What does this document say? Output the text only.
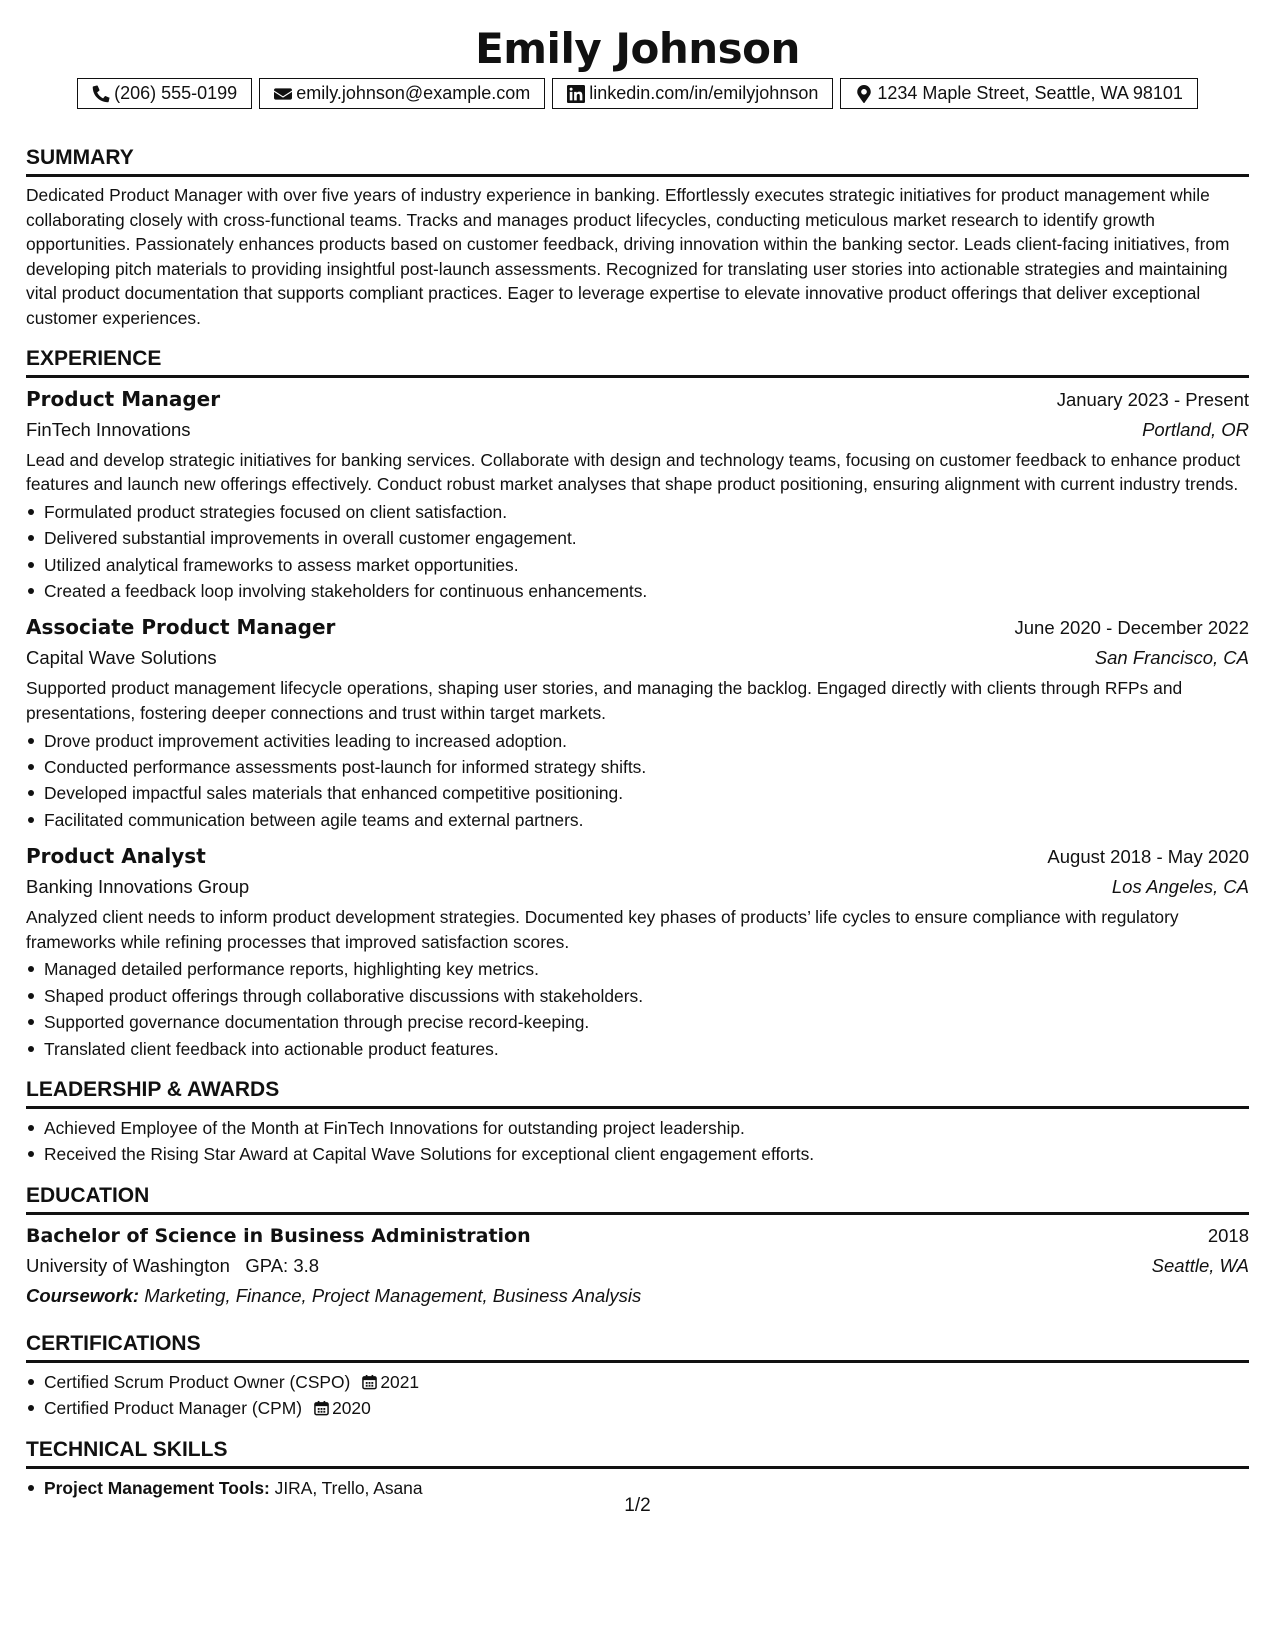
Emily Johnson
(206) 555-0199	emily.johnson@example.com	linkedin.com/in/emilyjohnson	1234 Maple Street, Seattle, WA 98101
SUMMARY
Dedicated Product Manager with over five years of industry experience in banking. Effortlessly executes strategic initiatives for product management while collaborating closely with cross-functional teams. Tracks and manages product lifecycles, conducting meticulous market research to identify growth opportunities. Passionately enhances products based on customer feedback, driving innovation within the banking sector. Leads client-facing initiatives, from developing pitch materials to providing insightful post-launch assessments. Recognized for translating user stories into actionable strategies and maintaining vital product documentation that supports compliant practices. Eager to leverage expertise to elevate innovative product offerings that deliver exceptional customer experiences.
EXPERIENCE
Product Manager	January 2023 - Present
FinTech Innovations	Portland, OR
Lead and develop strategic initiatives for banking services. Collaborate with design and technology teams, focusing on customer feedback to enhance product features and launch new offerings effectively. Conduct robust market analyses that shape product positioning, ensuring alignment with current industry trends.
Formulated product strategies focused on client satisfaction.
Delivered substantial improvements in overall customer engagement.
Utilized analytical frameworks to assess market opportunities.
Created a feedback loop involving stakeholders for continuous enhancements.
Associate Product Manager	June 2020 - December 2022
Capital Wave Solutions	San Francisco, CA
Supported product management lifecycle operations, shaping user stories, and managing the backlog. Engaged directly with clients through RFPs and presentations, fostering deeper connections and trust within target markets.
Drove product improvement activities leading to increased adoption.
Conducted performance assessments post-launch for informed strategy shifts.
Developed impactful sales materials that enhanced competitive positioning.
Facilitated communication between agile teams and external partners.
Product Analyst	August 2018 - May 2020
Banking Innovations Group	Los Angeles, CA
Analyzed client needs to inform product development strategies. Documented key phases of products’ life cycles to ensure compliance with regulatory frameworks while refining processes that improved satisfaction scores.
Managed detailed performance reports, highlighting key metrics.
Shaped product offerings through collaborative discussions with stakeholders.
Supported governance documentation through precise record-keeping.
Translated client feedback into actionable product features.
LEADERSHIP & AWARDS
Achieved Employee of the Month at FinTech Innovations for outstanding project leadership.
Received the Rising Star Award at Capital Wave Solutions for exceptional client engagement efforts.
EDUCATION
Bachelor of Science in Business Administration	2018
University of Washington GPA: 3.8	Seattle, WA
Coursework: Marketing, Finance, Project Management, Business Analysis
CERTIFICATIONS
Certified Scrum Product Owner (CSPO) 2021
Certified Product Manager (CPM) 2020
TECHNICAL SKILLS
Project Management Tools: JIRA, Trello, Asana
1/2
